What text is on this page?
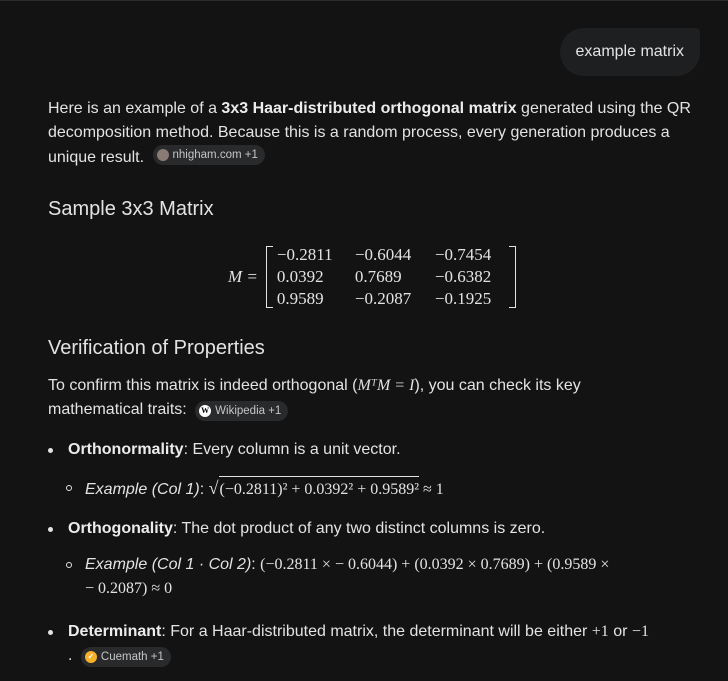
example matrix

Here is an example of a 3x3 Haar-distributed orthogonal matrix generated using the QR decomposition method. Because this is a random process, every generation produces a unique result. nhigham.com +1

Sample 3x3 Matrix
M =
−0.2811	−0.6044	−0.7454
0.0392	0.7689	−0.6382
0.9589	−0.2087	−0.1925
Verification of Properties

To confirm this matrix is indeed orthogonal (MᵀM = I), you can check its key mathematical traits: W Wikipedia +1

Orthonormality: Every column is a unit vector.
Example (Col 1): √(−0.2811)² + 0.0392² + 0.9589² ≈ 1
Orthogonality: The dot product of any two distinct columns is zero.
Example (Col 1 · Col 2): (−0.2811 × − 0.6044) + (0.0392 × 0.7689) + (0.9589 ×
− 0.2087) ≈ 0
Determinant: For a Haar-distributed matrix, the determinant will be either +1 or −1
.	✓ Cuemath +1
